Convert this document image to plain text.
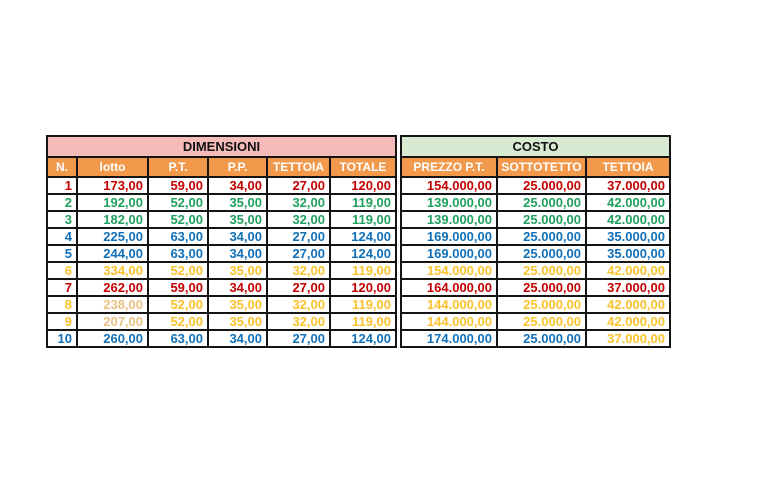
DIMENSIONI					
N.	lotto	P.T.	P.P.	TETTOIA	TOTALE
1	173,00	59,00	34,00	27,00	120,00
2	192,00	52,00	35,00	32,00	119,00
3	182,00	52,00	35,00	32,00	119,00
4	225,00	63,00	34,00	27,00	124,00
5	244,00	63,00	34,00	27,00	124,00
6	334,00	52,00	35,00	32,00	119,00
7	262,00	59,00	34,00	27,00	120,00
8	238,00	52,00	35,00	32,00	119,00
9	207,00	52,00	35,00	32,00	119,00
10	260,00	63,00	34,00	27,00	124,00
COSTO		
PREZZO P.T.	SOTTOTETTO	TETTOIA
154.000,00	25.000,00	37.000,00
139.000,00	25.000,00	42.000,00
139.000,00	25.000,00	42.000,00
169.000,00	25.000,00	35.000,00
169.000,00	25.000,00	35.000,00
154.000,00	25.000,00	42.000,00
164.000,00	25.000,00	37.000,00
144.000,00	25.000,00	42.000,00
144.000,00	25.000,00	42.000,00
174.000,00	25.000,00	37.000,00
